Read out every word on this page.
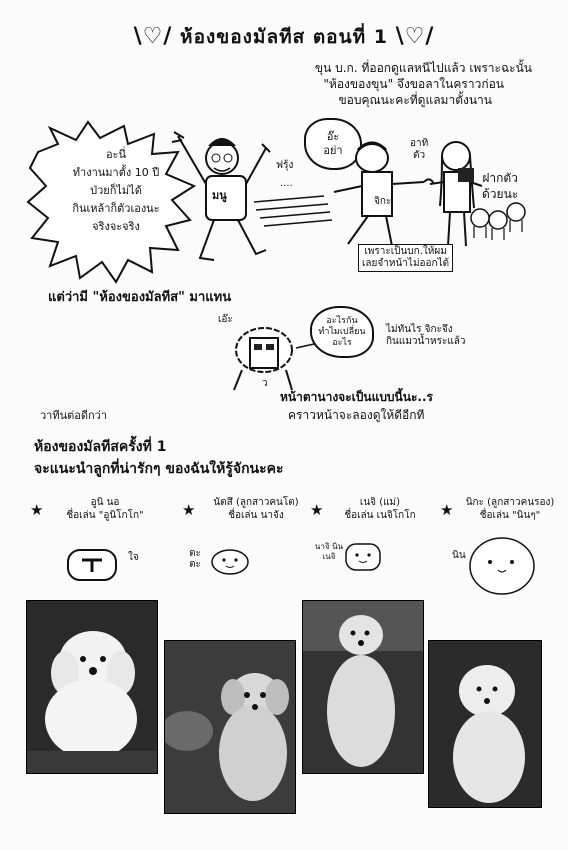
\♡/ ห้องของมัลทีส ตอนที่ 1 \♡/
ขุน บ.ก. ที่ออกดูแลหนีไปแล้ว เพราะฉะนั้น
"ห้องของขุน" จึงขอลาในคราวก่อน
ขอบคุณนะคะที่ดูแลมาตั้งนาน
อะนี่
ทำงานมาตั้ง 10 ปี
ป่วยก็ไม่ได้
กินเหล้าก็ตัวเองนะ
จริงจะจริง
มนู
ฟรุ้ง
....
อ๊ะ
อย่า
จิกะ
อาทิ
ตัว
ฝากตัว
ด้วยนะ
เพราะเป็นบก.ให้ผม
เลยจำหน้าไม่ออกได้
แต่ว่ามี "ห้องของมัลทีส" มาแทน
เอ๊ะ	อะไรกัน
ทำไมเปลี่ยน
อะไร
ไม่ทันไร จิกะจึง
กินแมวน้ำหระแล้ว
ว
หน้าตานางจะเป็นแบบนี้นะ..ร
คราวหน้าจะลองดูให้ดีอีกที
วาทีนต่อดีกว่า
ห้องของมัลทีสครั้งที่ 1
จะแนะนำลูกที่น่ารักๆ ของฉันให้รู้จักนะคะ
★	อูนิ นอ
ชื่อเล่น "อูนิโกโก"	★	นัตสึ (ลูกสาวคนโต)
ชื่อเล่น นาจัง	★	เนจิ (แม่)
ชื่อเล่น เนจิโกโก	★	นิกะ (ลูกสาวคนรอง)
ชื่อเล่น "นินๆ"
ใจ	ตะ ตะ
นาจิ นิน เนจิ	นิน
